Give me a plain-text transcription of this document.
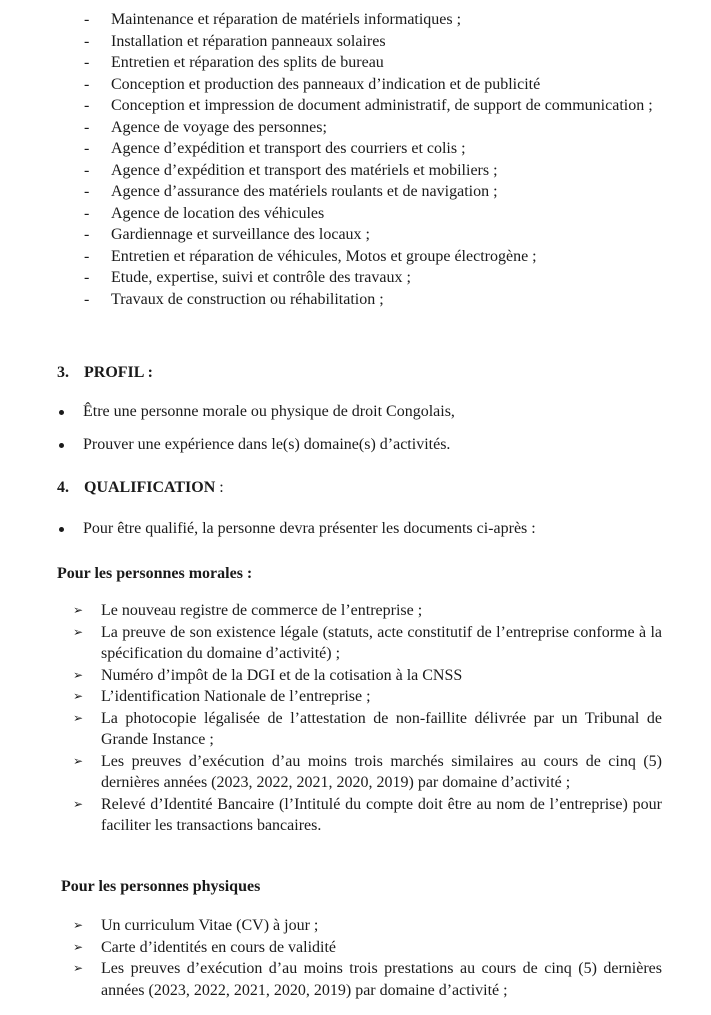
- Maintenance et réparation de matériels informatiques ;
- Installation et réparation panneaux solaires
- Entretien et réparation des splits de bureau
- Conception et production des panneaux d’indication et de publicité
- Conception et impression de document administratif, de support de communication ;
- Agence de voyage des personnes;
- Agence d’expédition et transport des courriers et colis ;
- Agence d’expédition et transport des matériels et mobiliers ;
- Agence d’assurance des matériels roulants et de navigation ;
- Agence de location des véhicules
- Gardiennage et surveillance des locaux ;
- Entretien et réparation de véhicules, Motos et groupe électrogène ;
- Etude, expertise, suivi et contrôle des travaux ;
- Travaux de construction ou réhabilitation ;
3. PROFIL :
Être une personne morale ou physique de droit Congolais,
Prouver une expérience dans le(s) domaine(s) d’activités.
4. QUALIFICATION :
Pour être qualifié, la personne devra présenter les documents ci-après :
Pour les personnes morales :
➢ Le nouveau registre de commerce de l’entreprise ;
➢ La preuve de son existence légale (statuts, acte constitutif de l’entreprise conforme à la spécification du domaine d’activité) ;
➢ Numéro d’impôt de la DGI et de la cotisation à la CNSS
➢ L’identification Nationale de l’entreprise ;
➢ La photocopie légalisée de l’attestation de non-faillite délivrée par un Tribunal de Grande Instance ;
➢ Les preuves d’exécution d’au moins trois marchés similaires au cours de cinq (5) dernières années (2023, 2022, 2021, 2020, 2019) par domaine d’activité ;
➢ Relevé d’Identité Bancaire (l’Intitulé du compte doit être au nom de l’entreprise) pour faciliter les transactions bancaires.
Pour les personnes physiques
➢ Un curriculum Vitae (CV) à jour ;
➢ Carte d’identités en cours de validité
➢ Les preuves d’exécution d’au moins trois prestations au cours de cinq (5) dernières années (2023, 2022, 2021, 2020, 2019) par domaine d’activité ;
